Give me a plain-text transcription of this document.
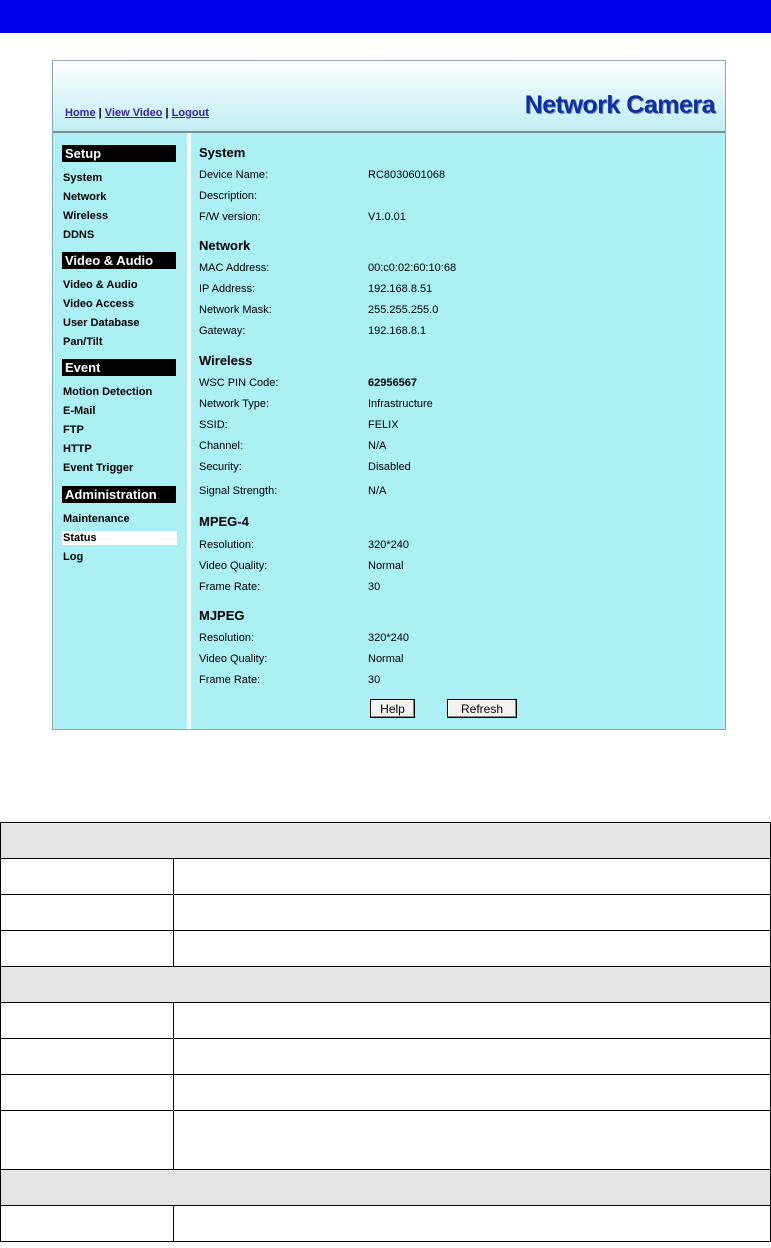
Home | View Video | Logout	Network Camera
Setup
System
Network
Wireless
DDNS
Video & Audio
Video & Audio
Video Access
User Database
Pan/Tilt
Event
Motion Detection
E-Mail
FTP
HTTP
Event Trigger
Administration
Maintenance
Status
Log
System
Device Name:	RC8030601068
Description:
F/W version:	V1.0.01
Network
MAC Address:	00:c0:02:60:10:68
IP Address:	192.168.8.51
Network Mask:	255.255.255.0
Gateway:	192.168.8.1
Wireless
WSC PIN Code:	62956567
Network Type:	Infrastructure
SSID:	FELIX
Channel:	N/A
Security:	Disabled
Signal Strength:	N/A
MPEG-4
Resolution:	320*240
Video Quality:	Normal
Frame Rate:	30
MJPEG
Resolution:	320*240
Video Quality:	Normal
Frame Rate:	30
Help	Refresh
